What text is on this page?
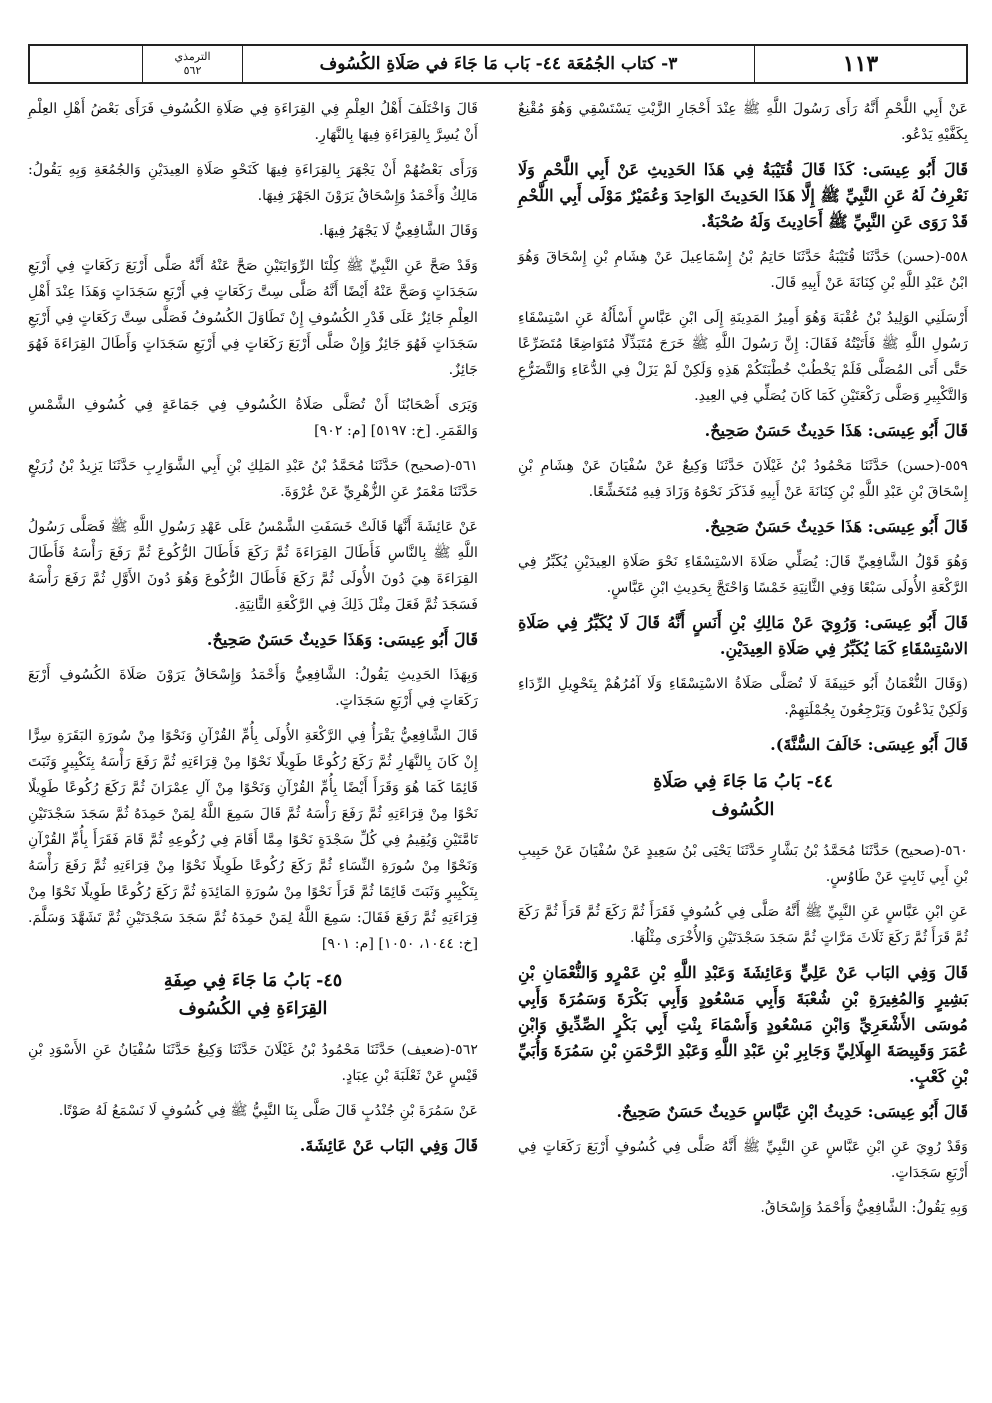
١١٣
٣- كتاب الجُمُعَة ٤٤- بَاب مَا جَاءَ في صَلَاةِ الكُسُوف
الترمذي
٥٦٢

عَنْ أَبِي اللَّحْمِ أَنَّهُ رَأَى رَسُولَ اللَّهِ ﷺ عِنْدَ أَحْجَارِ الزَّيْتِ يَسْتَسْقِي وَهُوَ مُقْنِعٌ بِكَفَّيْهِ يَدْعُو.

قَالَ أَبُو عِيسَى: كَذَا قَالَ قُتَيْبَةُ فِي هَذَا الحَدِيثِ عَنْ أَبِي اللَّحْمِ وَلَا نَعْرِفُ لَهُ عَنِ النَّبِيِّ ﷺ إِلَّا هَذَا الحَدِيثَ الوَاحِدَ وَعُمَيْرٌ مَوْلَى أَبِي اللَّحْمِ قَدْ رَوَى عَنِ النَّبِيِّ ﷺ أَحَادِيثَ وَلَهُ صُحْبَةٌ.

٥٥٨-(حسن) حَدَّثَنَا قُتَيْبَةُ حَدَّثَنَا حَاتِمُ بْنُ إِسْمَاعِيلَ عَنْ هِشَامِ بْنِ إِسْحَاقَ وَهُوَ ابْنُ عَبْدِ اللَّهِ بْنِ كِنَانَةَ عَنْ أَبِيهِ قَالَ.

أَرْسَلَنِي الوَلِيدُ بْنُ عُقْبَةَ وَهُوَ أَمِيرُ المَدِينَةِ إِلَى ابْنِ عَبَّاسٍ أَسْأَلُهُ عَنِ اسْتِسْقَاءِ رَسُولِ اللَّهِ ﷺ فَأَتَيْتُهُ فَقَالَ: إِنَّ رَسُولَ اللَّهِ ﷺ خَرَجَ مُتَبَذِّلًا مُتَوَاضِعًا مُتَضَرِّعًا حَتَّى أَتَى المُصَلَّى فَلَمْ يَخْطُبْ خُطْبَتَكُمْ هَذِهِ وَلَكِنْ لَمْ يَزَلْ فِي الدُّعَاءِ وَالتَّضَرُّعِ وَالتَّكْبِيرِ وَصَلَّى رَكْعَتَيْنِ كَمَا كَانَ يُصَلِّي فِي العِيدِ.

قَالَ أَبُو عِيسَى: هَذَا حَدِيثٌ حَسَنٌ صَحِيحٌ.

٥٥٩-(حسن) حَدَّثَنَا مَحْمُودُ بْنُ غَيْلَانَ حَدَّثَنَا وَكِيعٌ عَنْ سُفْيَانَ عَنْ هِشَامِ بْنِ إِسْحَاقَ بْنِ عَبْدِ اللَّهِ بْنِ كِنَانَةَ عَنْ أَبِيهِ فَذَكَرَ نَحْوَهُ وَزَادَ فِيهِ مُتَخَشِّعًا.

قَالَ أَبُو عِيسَى: هَذَا حَدِيثٌ حَسَنٌ صَحِيحٌ.

وَهُوَ قَوْلُ الشَّافِعِيِّ قَالَ: يُصَلِّي صَلَاةَ الاسْتِسْقَاءِ نَحْوَ صَلَاةِ العِيدَيْنِ يُكَبِّرُ فِي الرَّكْعَةِ الأُولَى سَبْعًا وَفِي الثَّانِيَةِ خَمْسًا وَاحْتَجَّ بِحَدِيثِ ابْنِ عَبَّاسٍ.

قَالَ أَبُو عِيسَى: وَرُوِيَ عَنْ مَالِكِ بْنِ أَنَسٍ أَنَّهُ قَالَ لَا يُكَبِّرُ فِي صَلَاةِ الاسْتِسْقَاءِ كَمَا يُكَبِّرُ فِي صَلَاةِ العِيدَيْنِ.

(وَقَالَ النُّعْمَانُ أَبُو حَنِيفَةَ لَا تُصَلَّى صَلَاةُ الاسْتِسْقَاءِ وَلَا آمُرُهُمْ بِتَحْوِيلِ الرِّدَاءِ وَلَكِنْ يَدْعُونَ وَيَرْجِعُونَ بِجُمْلَتِهِمْ.

قَالَ أَبُو عِيسَى: خَالَفَ السُّنَّةَ).

٤٤- بَابُ مَا جَاءَ فِي صَلَاةِ
الكُسُوف

٥٦٠-(صحيح) حَدَّثَنَا مُحَمَّدُ بْنُ بَشَّارٍ حَدَّثَنَا يَحْيَى بْنُ سَعِيدٍ عَنْ سُفْيَانَ عَنْ حَبِيبِ بْنِ أَبِي ثَابِتٍ عَنْ طَاوُسٍ.

عَنِ ابْنِ عَبَّاسٍ عَنِ النَّبِيِّ ﷺ أَنَّهُ صَلَّى فِي كُسُوفٍ فَقَرَأَ ثُمَّ رَكَعَ ثُمَّ قَرَأَ ثُمَّ رَكَعَ ثُمَّ قَرَأَ ثُمَّ رَكَعَ ثَلَاثَ مَرَّاتٍ ثُمَّ سَجَدَ سَجْدَتَيْنِ وَالأُخْرَى مِثْلُهَا.

قَالَ وَفِي البَاب عَنْ عَلِيٍّ وَعَائِشَةَ وَعَبْدِ اللَّهِ بْنِ عَمْرٍو وَالنُّعْمَانِ بْنِ بَشِيرٍ وَالمُغِيرَةِ بْنِ شُعْبَةَ وَأَبِي مَسْعُودٍ وَأَبِي بَكْرَةَ وَسَمُرَةَ وَأَبِي مُوسَى الأَشْعَرِيِّ وَابْنِ مَسْعُودٍ وَأَسْمَاءَ بِنْتِ أَبِي بَكْرٍ الصِّدِّيقِ وَابْنِ عُمَرَ وَقَبِيصَةَ الهِلَالِيِّ وَجَابِرِ بْنِ عَبْدِ اللَّهِ وَعَبْدِ الرَّحْمَنِ بْنِ سَمُرَةَ وَأُبَيِّ بْنِ كَعْبٍ.

قَالَ أَبُو عِيسَى: حَدِيثُ ابْنِ عَبَّاسٍ حَدِيثٌ حَسَنٌ صَحِيحٌ.

وَقَدْ رُوِيَ عَنِ ابْنِ عَبَّاسٍ عَنِ النَّبِيِّ ﷺ أَنَّهُ صَلَّى فِي كُسُوفٍ أَرْبَعَ رَكَعَاتٍ فِي أَرْبَعِ سَجَدَاتٍ.

وَبِهِ يَقُولُ: الشَّافِعِيُّ وَأَحْمَدُ وَإِسْحَاقُ.

قَالَ وَاخْتَلَفَ أَهْلُ العِلْمِ فِي القِرَاءَةِ فِي صَلَاةِ الكُسُوفِ فَرَأَى بَعْضُ أَهْلِ العِلْمِ أَنْ يُسِرَّ بِالقِرَاءَةِ فِيهَا بِالنَّهَارِ.

وَرَأَى بَعْضُهُمْ أَنْ يَجْهَرَ بِالقِرَاءَةِ فِيهَا كَنَحْوِ صَلَاةِ العِيدَيْنِ وَالجُمُعَةِ وَبِهِ يَقُولُ: مَالِكٌ وَأَحْمَدُ وَإِسْحَاقُ يَرَوْنَ الجَهْرَ فِيهَا.

وَقَالَ الشَّافِعِيُّ لَا يَجْهَرُ فِيهَا.

وَقَدْ صَحَّ عَنِ النَّبِيِّ ﷺ كِلْتَا الرِّوَايَتَيْنِ صَحَّ عَنْهُ أَنَّهُ صَلَّى أَرْبَعَ رَكَعَاتٍ فِي أَرْبَعِ سَجَدَاتٍ وَصَحَّ عَنْهُ أَيْضًا أَنَّهُ صَلَّى سِتَّ رَكَعَاتٍ فِي أَرْبَعِ سَجَدَاتٍ وَهَذَا عِنْدَ أَهْلِ العِلْمِ جَائِزٌ عَلَى قَدْرِ الكُسُوفِ إِنْ تَطَاوَلَ الكُسُوفُ فَصَلَّى سِتَّ رَكَعَاتٍ فِي أَرْبَعِ سَجَدَاتٍ فَهُوَ جَائِزٌ وَإِنْ صَلَّى أَرْبَعَ رَكَعَاتٍ فِي أَرْبَعِ سَجَدَاتٍ وَأَطَالَ القِرَاءَةَ فَهُوَ جَائِزٌ.

وَيَرَى أَصْحَابُنَا أَنْ تُصَلَّى صَلَاةُ الكُسُوفِ فِي جَمَاعَةٍ فِي كُسُوفِ الشَّمْسِ وَالقَمَرِ. [خ: ٥١٩٧] [م: ٩٠٢]

٥٦١-(صحيح) حَدَّثَنَا مُحَمَّدُ بْنُ عَبْدِ المَلِكِ بْنِ أَبِي الشَّوَارِبِ حَدَّثَنَا يَزِيدُ بْنُ زُرَيْعٍ حَدَّثَنَا مَعْمَرٌ عَنِ الزُّهْرِيِّ عَنْ عُرْوَةَ.

عَنْ عَائِشَةَ أَنَّهَا قَالَتْ خَسَفَتِ الشَّمْسُ عَلَى عَهْدِ رَسُولِ اللَّهِ ﷺ فَصَلَّى رَسُولُ اللَّهِ ﷺ بِالنَّاسِ فَأَطَالَ القِرَاءَةَ ثُمَّ رَكَعَ فَأَطَالَ الرُّكُوعَ ثُمَّ رَفَعَ رَأْسَهُ فَأَطَالَ القِرَاءَةَ هِيَ دُونَ الأُولَى ثُمَّ رَكَعَ فَأَطَالَ الرُّكُوعَ وَهُوَ دُونَ الأَوَّلِ ثُمَّ رَفَعَ رَأْسَهُ فَسَجَدَ ثُمَّ فَعَلَ مِثْلَ ذَلِكَ فِي الرَّكْعَةِ الثَّانِيَةِ.

قَالَ أَبُو عِيسَى: وَهَذَا حَدِيثٌ حَسَنٌ صَحِيحٌ.

وَبِهَذَا الحَدِيثِ يَقُولُ: الشَّافِعِيُّ وَأَحْمَدُ وَإِسْحَاقُ يَرَوْنَ صَلَاةَ الكُسُوفِ أَرْبَعَ رَكَعَاتٍ فِي أَرْبَعِ سَجَدَاتٍ.

قَالَ الشَّافِعِيُّ يَقْرَأُ فِي الرَّكْعَةِ الأُولَى بِأُمِّ القُرْآنِ وَنَحْوًا مِنْ سُورَةِ البَقَرَةِ سِرًّا إِنْ كَانَ بِالنَّهَارِ ثُمَّ رَكَعَ رُكُوعًا طَوِيلًا نَحْوًا مِنْ قِرَاءَتِهِ ثُمَّ رَفَعَ رَأْسَهُ بِتَكْبِيرٍ وَثَبَتَ قَائِمًا كَمَا هُوَ وَقَرَأَ أَيْضًا بِأُمِّ القُرْآنِ وَنَحْوًا مِنْ آلِ عِمْرَانَ ثُمَّ رَكَعَ رُكُوعًا طَوِيلًا نَحْوًا مِنْ قِرَاءَتِهِ ثُمَّ رَفَعَ رَأْسَهُ ثُمَّ قَالَ سَمِعَ اللَّهُ لِمَنْ حَمِدَهُ ثُمَّ سَجَدَ سَجْدَتَيْنِ تَامَّتَيْنِ وَيُقِيمُ فِي كُلِّ سَجْدَةٍ نَحْوًا مِمَّا أَقَامَ فِي رُكُوعِهِ ثُمَّ قَامَ فَقَرَأَ بِأُمِّ القُرْآنِ وَنَحْوًا مِنْ سُورَةِ النِّسَاءِ ثُمَّ رَكَعَ رُكُوعًا طَوِيلًا نَحْوًا مِنْ قِرَاءَتِهِ ثُمَّ رَفَعَ رَأْسَهُ بِتَكْبِيرٍ وَثَبَتَ قَائِمًا ثُمَّ قَرَأَ نَحْوًا مِنْ سُورَةِ المَائِدَةِ ثُمَّ رَكَعَ رُكُوعًا طَوِيلًا نَحْوًا مِنْ قِرَاءَتِهِ ثُمَّ رَفَعَ فَقَالَ: سَمِعَ اللَّهُ لِمَنْ حَمِدَهُ ثُمَّ سَجَدَ سَجْدَتَيْنِ ثُمَّ تَشَهَّدَ وَسَلَّمَ. [خ: ١٠٤٤، ١٠٥٠] [م: ٩٠١]

٤٥- بَابُ مَا جَاءَ فِي صِفَةِ
القِرَاءَةِ فِي الكُسُوف

٥٦٢-(ضعيف) حَدَّثَنَا مَحْمُودُ بْنُ غَيْلَانَ حَدَّثَنَا وَكِيعٌ حَدَّثَنَا سُفْيَانُ عَنِ الأَسْوَدِ بْنِ قَيْسٍ عَنْ ثَعْلَبَةَ بْنِ عِبَادٍ.

عَنْ سَمُرَةَ بْنِ جُنْدُبٍ قَالَ صَلَّى بِنَا النَّبِيُّ ﷺ فِي كُسُوفٍ لَا نَسْمَعُ لَهُ صَوْتًا.

قَالَ وَفِي البَاب عَنْ عَائِشَةَ.
